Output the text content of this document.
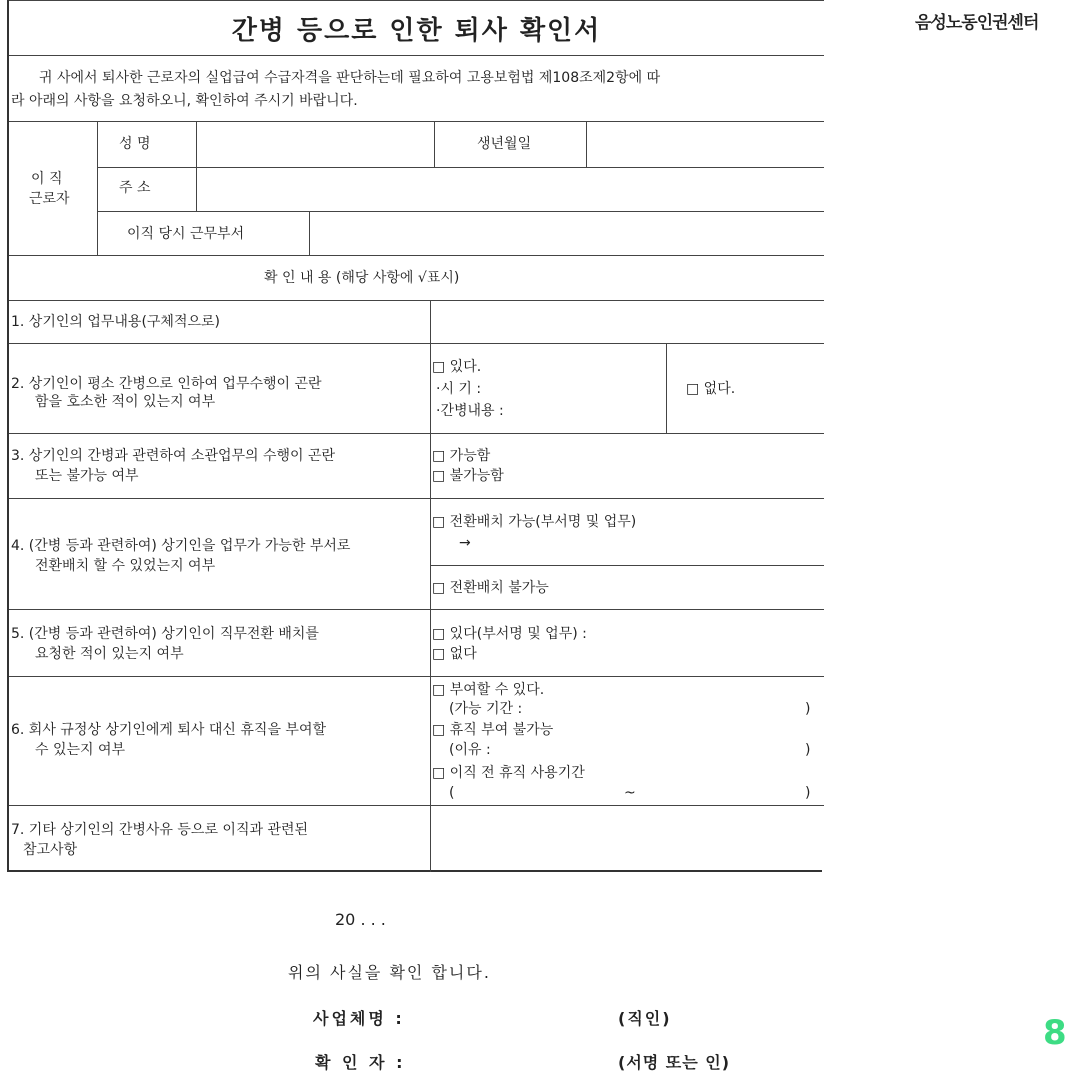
음성노동인권센터
간병 등으로 인한 퇴사 확인서
귀 사에서 퇴사한 근로자의 실업급여 수급자격을 판단하는데 필요하여 고용보험법 제108조제2항에 따
라 아래의 사항을 요청하오니, 확인하여 주시기 바랍니다.
이 직
근로자
성 명	생년월일
주 소
이직 당시 근무부서
확 인 내 용 (해당 사항에 √표시)
1. 상기인의 업무내용(구체적으로)
2. 상기인이 평소 간병으로 인하여 업무수행이 곤란
함을 호소한 적이 있는지 여부
□ 있다.
·시 기 :
·간병내용 :
□ 없다.
3. 상기인의 간병과 관련하여 소관업무의 수행이 곤란
또는 불가능 여부
□ 가능함
□ 불가능함
4. (간병 등과 관련하여) 상기인을 업무가 가능한 부서로
전환배치 할 수 있었는지 여부
□ 전환배치 가능(부서명 및 업무)
→
□ 전환배치 불가능
5. (간병 등과 관련하여) 상기인이 직무전환 배치를
요청한 적이 있는지 여부
□ 있다(부서명 및 업무) :
□ 없다
6. 회사 규정상 상기인에게 퇴사 대신 휴직을 부여할
수 있는지 여부
□ 부여할 수 있다.
(가능 기간 :	)
□ 휴직 부여 불가능
(이유 :	)
□ 이직 전 휴직 사용기간
(	~	)
7. 기타 상기인의 간병사유 등으로 이직과 관련된
참고사항
20 . . .
위의 사실을 확인 합니다.
사업체명 :	(직인)
확 인 자 :	(서명 또는 인)
8
